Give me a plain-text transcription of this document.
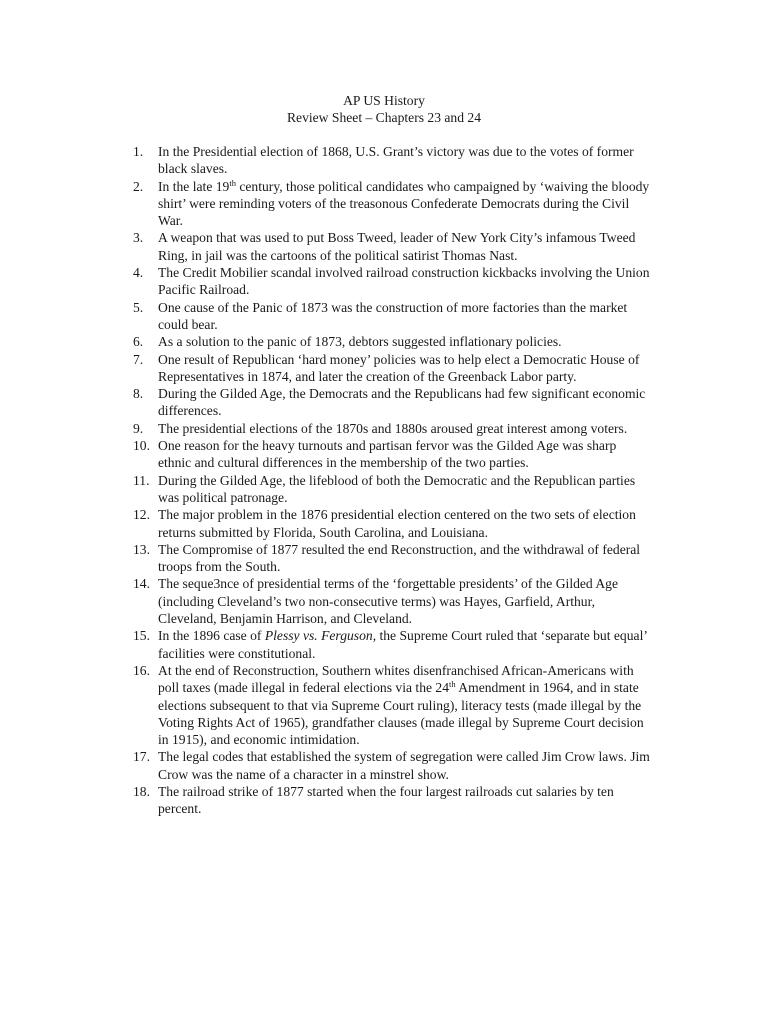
AP US History
Review Sheet – Chapters 23 and 24
1.	In the Presidential election of 1868, U.S. Grant’s victory was due to the votes of former black slaves.
2.	In the late 19th century, those political candidates who campaigned by ‘waiving the bloody shirt’ were reminding voters of the treasonous Confederate Democrats during the Civil War.
3.	A weapon that was used to put Boss Tweed, leader of New York City’s infamous Tweed Ring, in jail was the cartoons of the political satirist Thomas Nast.
4.	The Credit Mobilier scandal involved railroad construction kickbacks involving the Union Pacific Railroad.
5.	One cause of the Panic of 1873 was the construction of more factories than the market could bear.
6.	As a solution to the panic of 1873, debtors suggested inflationary policies.
7.	One result of Republican ‘hard money’ policies was to help elect a Democratic House of Representatives in 1874, and later the creation of the Greenback Labor party.
8.	During the Gilded Age, the Democrats and the Republicans had few significant economic differences.
9.	The presidential elections of the 1870s and 1880s aroused great interest among voters.
10. One reason for the heavy turnouts and partisan fervor was the Gilded Age was sharp ethnic and cultural differences in the membership of the two parties.
11. During the Gilded Age, the lifeblood of both the Democratic and the Republican parties was political patronage.
12. The major problem in the 1876 presidential election centered on the two sets of election returns submitted by Florida, South Carolina, and Louisiana.
13. The Compromise of 1877 resulted the end Reconstruction, and the withdrawal of federal troops from the South.
14. The seque3nce of presidential terms of the ‘forgettable presidents’ of the Gilded Age (including Cleveland’s two non-consecutive terms) was Hayes, Garfield, Arthur, Cleveland, Benjamin Harrison, and Cleveland.
15. In the 1896 case of Plessy vs. Ferguson, the Supreme Court ruled that ‘separate but equal’ facilities were constitutional.
16. At the end of Reconstruction, Southern whites disenfranchised African-Americans with poll taxes (made illegal in federal elections via the 24th Amendment in 1964, and in state elections subsequent to that via Supreme Court ruling), literacy tests (made illegal by the Voting Rights Act of 1965), grandfather clauses (made illegal by Supreme Court decision in 1915), and economic intimidation.
17. The legal codes that established the system of segregation were called Jim Crow laws. Jim Crow was the name of a character in a minstrel show.
18. The railroad strike of 1877 started when the four largest railroads cut salaries by ten percent.
